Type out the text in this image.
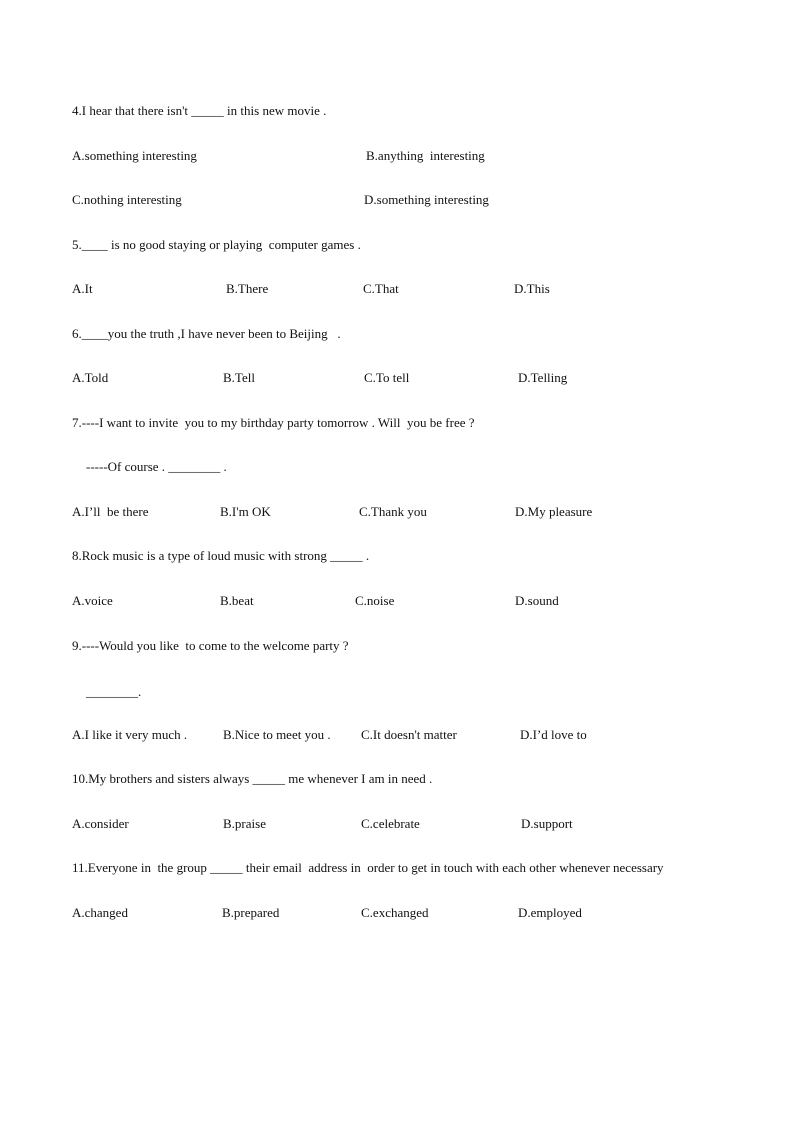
4.I hear that there isn't _____ in this new movie .
A.something interesting	B.anything  interesting
C.nothing interesting	D.something interesting
5.____ is no good staying or playing  computer games .
A.It	B.There	C.That	D.This
6.____you the truth ,I have never been to Beijing   .
A.Told	B.Tell	C.To tell	D.Telling
7.----I want to invite  you to my birthday party tomorrow . Will  you be free ?
-----Of course . ________ .
A.I’ll  be there	B.I'm OK	C.Thank you	D.My pleasure
8.Rock music is a type of loud music with strong _____ .
A.voice	B.beat	C.noise	D.sound
9.----Would you like  to come to the welcome party ?
________.
A.I like it very much .	B.Nice to meet you . C.It doesn't matter	D.I’d love to
10.My brothers and sisters always _____ me whenever I am in need .
A.consider	B.praise	C.celebrate	D.support
11.Everyone in  the group _____ their email  address in  order to get in touch with each other whenever necessary
A.changed	B.prepared	C.exchanged	D.employed
